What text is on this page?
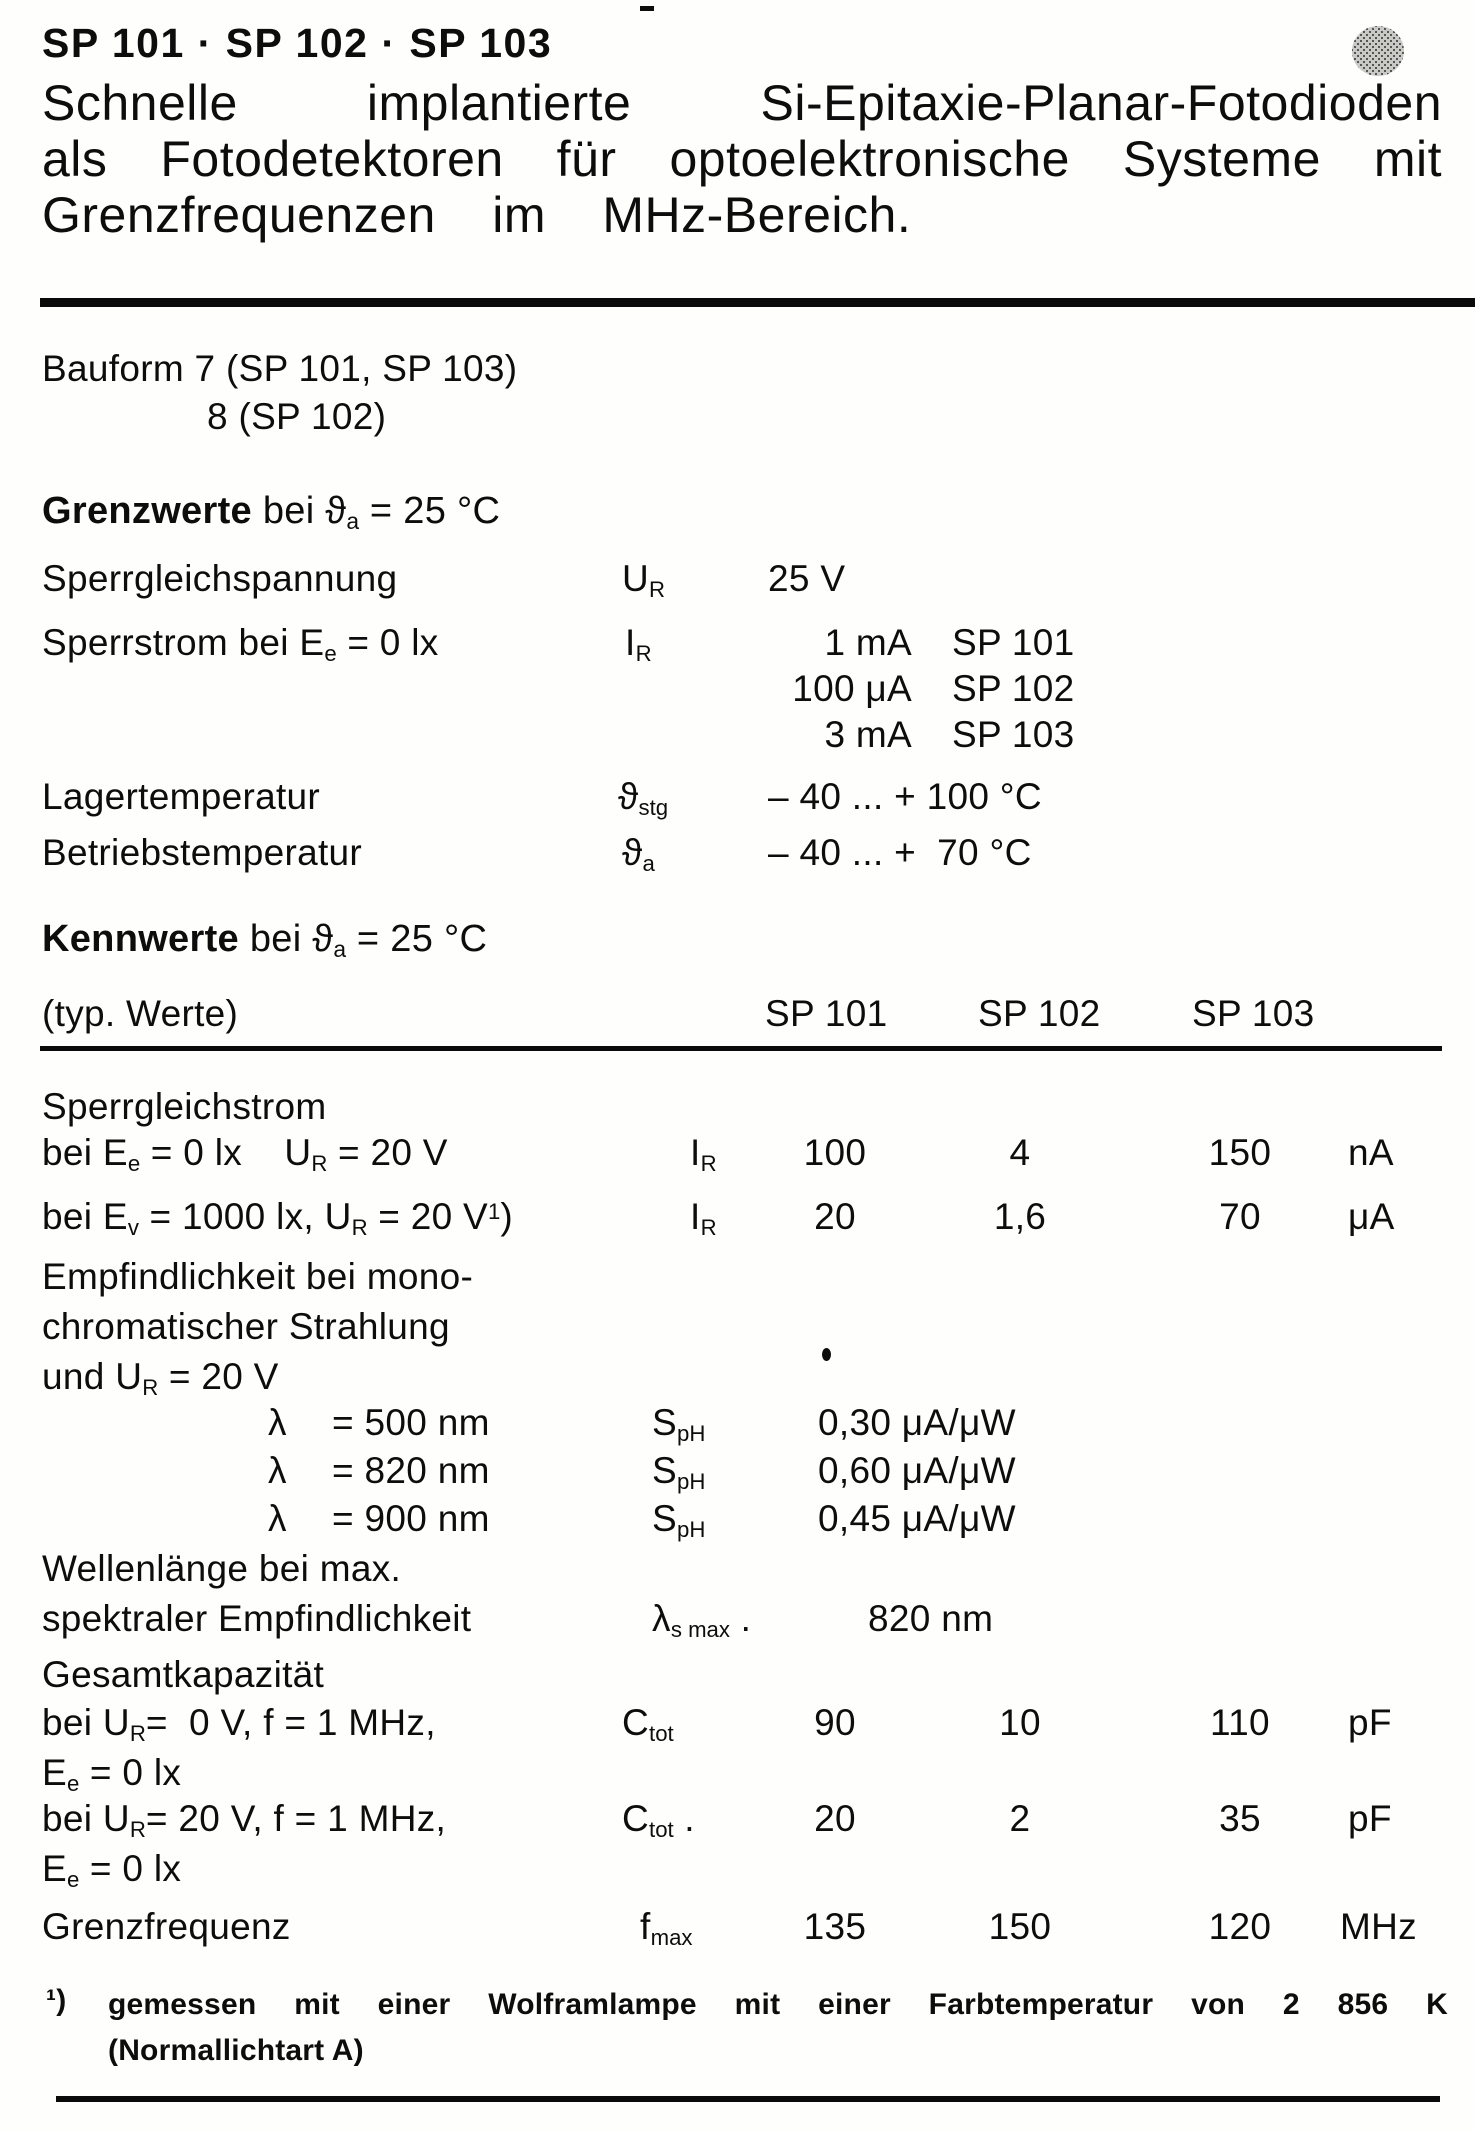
SP 101 · SP 102 · SP 103
Schnelle implantierte Si-Epitaxie-Planar-Fotodioden
als Fotodetektoren für optoelektronische Systeme mit
Grenzfrequenzen im MHz-Bereich.
Bauform 7 (SP 101, SP 103)
8 (SP 102)
Grenzwerte bei $ϑ_a = 25$ °C
Sperrgleichspannung	$U_R$	25 V
Sperrstrom bei $E_e = 0$ lx	$I_R$	1 mA SP 101
100 μA SP 102
3 mA SP 103
Lagertemperatur	$ϑ_{stg}$	– 40 ... + 100 °C
Betriebstemperatur	$ϑ_a$	– 40 ... +  70 °C
Kennwerte bei $ϑ_a = 25$ °C
(typ. Werte)	SP 101 SP 102 SP 103
Sperrgleichstrom
bei $E_e = 0$ lx    $U_R = 20$ V	$I_R$	100	4	150	nA
bei $E_v = 1000$ lx, $U_R = 20$ $V^1$)	$I_R$	20	1,6	70	μA
Empfindlichkeit bei mono-
chromatischer Strahlung
und $U_R = 20$ V
λ = 500 nm	$S_{pH}$	0,30 μA/μW
λ = 820 nm	$S_{pH}$	0,60 μA/μW
λ = 900 nm	$S_{pH}$	0,45 μA/μW
Wellenlänge bei max.
spektraler Empfindlichkeit	$\lambda_{s max}$ .	820 nm
Gesamtkapazität
bei $U_R= 0$ V, f = 1 MHz,	$C_{tot}$	90	10	110	pF
$E_e = 0$ lx
bei $U_R= 20$ V, f = 1 MHz,	$C_{tot}$ .	20	2	35	pF
$E_e = 0$ lx
Grenzfrequenz	$f_{max}$	135	150	120	MHz
¹) gemessen mit einer Wolframlampe mit einer Farbtemperatur von 2 856 K
(Normallichtart A)
